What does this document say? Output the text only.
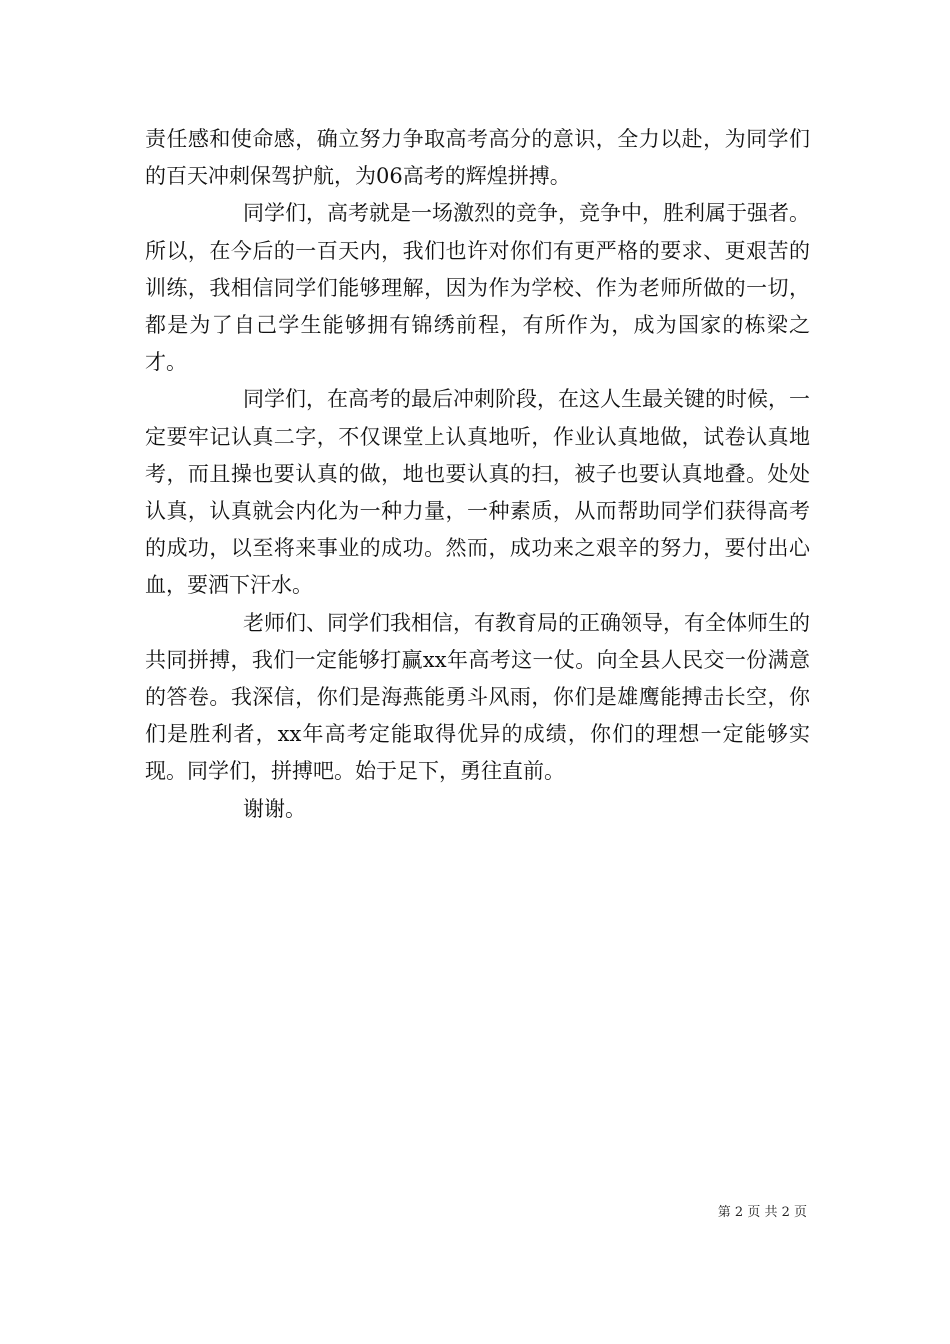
责任感和使命感，确立努力争取高考高分的意识，全力以赴，为同学们的百天冲刺保驾护航，为06高考的辉煌拼搏。

同学们，高考就是一场激烈的竞争，竞争中，胜利属于强者。所以，在今后的一百天内，我们也许对你们有更严格的要求、更艰苦的训练，我相信同学们能够理解，因为作为学校、作为老师所做的一切，都是为了自己学生能够拥有锦绣前程，有所作为，成为国家的栋梁之才。

同学们，在高考的最后冲刺阶段，在这人生最关键的时候，一定要牢记认真二字，不仅课堂上认真地听，作业认真地做，试卷认真地考，而且操也要认真的做，地也要认真的扫，被子也要认真地叠。处处认真，认真就会内化为一种力量，一种素质，从而帮助同学们获得高考的成功，以至将来事业的成功。然而，成功来之艰辛的努力，要付出心血，要洒下汗水。

老师们、同学们我相信，有教育局的正确领导，有全体师生的共同拼搏，我们一定能够打赢xx年高考这一仗。向全县人民交一份满意的答卷。我深信，你们是海燕能勇斗风雨，你们是雄鹰能搏击长空，你们是胜利者，xx年高考定能取得优异的成绩，你们的理想一定能够实现。同学们，拼搏吧。始于足下，勇往直前。

谢谢。

第 2 页 共 2 页
